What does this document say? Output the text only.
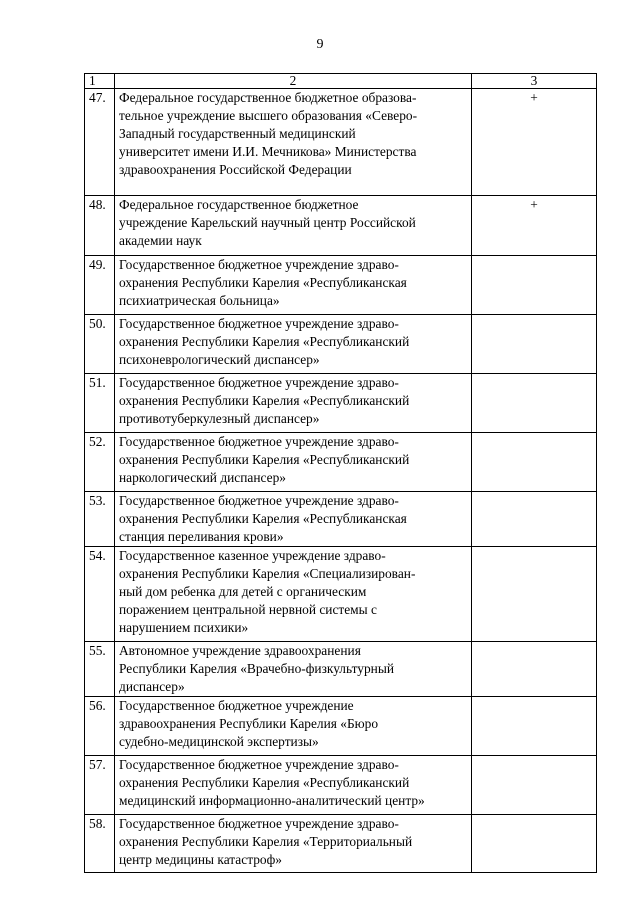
9
1	2	3
47.	Федеральное государственное бюджетное образова-
тельное учреждение высшего образования «Северо-
Западный государственный медицинский
университет имени И.И. Мечникова» Министерства
здравоохранения Российской Федерации	+
48.	Федеральное государственное бюджетное
учреждение Карельский научный центр Российской
академии наук	+
49.	Государственное бюджетное учреждение здраво-
охранения Республики Карелия «Республиканская
психиатрическая больница»	

50.	Государственное бюджетное учреждение здраво-
охранения Республики Карелия «Республиканский
психоневрологический диспансер»	

51.	Государственное бюджетное учреждение здраво-
охранения Республики Карелия «Республиканский
противотуберкулезный диспансер»	

52.	Государственное бюджетное учреждение здраво-
охранения Республики Карелия «Республиканский
наркологический диспансер»	

53.	Государственное бюджетное учреждение здраво-
охранения Республики Карелия «Республиканская
станция переливания крови»	

54.	Государственное казенное учреждение здраво-
охранения Республики Карелия «Специализирован-
ный дом ребенка для детей с органическим
поражением центральной нервной системы с
нарушением психики»	

55.	Автономное учреждение здравоохранения
Республики Карелия «Врачебно-физкультурный
диспансер»	

56.	Государственное бюджетное учреждение
здравоохранения Республики Карелия «Бюро
судебно-медицинской экспертизы»	

57.	Государственное бюджетное учреждение здраво-
охранения Республики Карелия «Республиканский
медицинский информационно-аналитический центр»	

58.	Государственное бюджетное учреждение здраво-
охранения Республики Карелия «Территориальный
центр медицины катастроф»	
